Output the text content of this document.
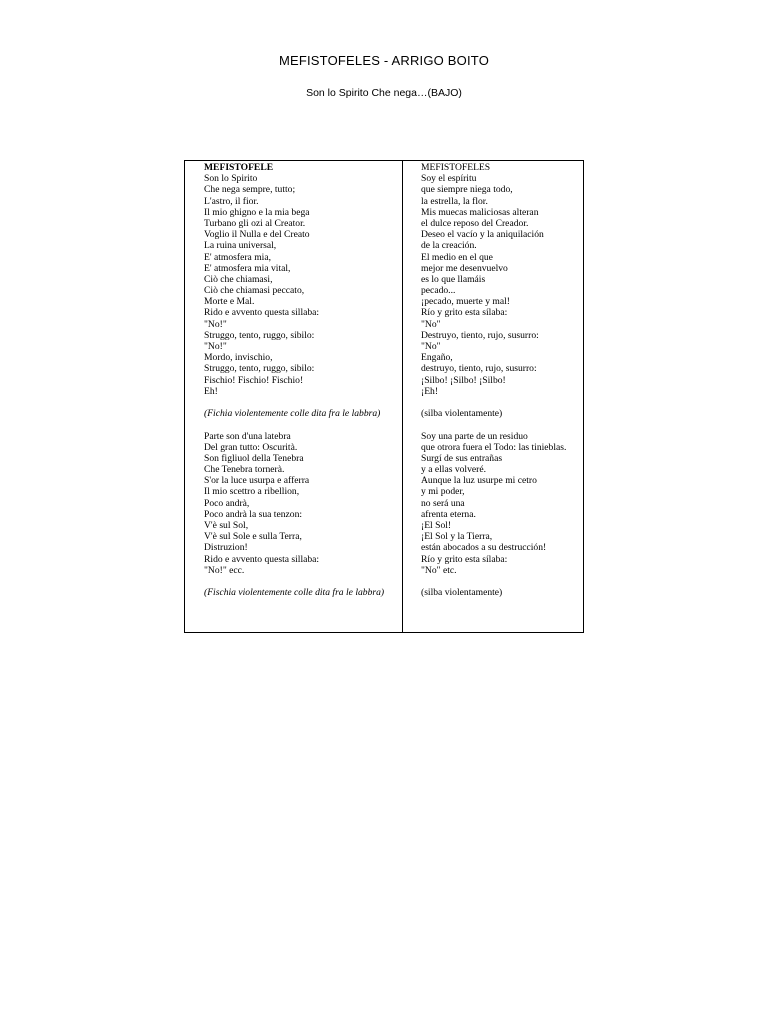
MEFISTOFELES - ARRIGO BOITO
Son lo Spirito Che nega…(BAJO)
MEFISTOFELE
Son lo Spirito
Che nega sempre, tutto;
L'astro, il fior.
Il mio ghigno e la mia bega
Turbano gli ozi al Creator.
Voglio il Nulla e del Creato
La ruina universal,
E' atmosfera mia,
E' atmosfera mia vital,
Ciò che chiamasi,
Ciò che chiamasi peccato,
Morte e Mal.
Rido e avvento questa sillaba:
"No!"
Struggo, tento, ruggo, sibilo:
"No!"
Mordo, invischio,
Struggo, tento, ruggo, sibilo:
Fischio! Fischio! Fischio!
Eh!
(Fichia violentemente colle dita fra le labbra)
Parte son d'una latebra
Del gran tutto: Oscurità.
Son figliuol della Tenebra
Che Tenebra tornerà.
S'or la luce usurpa e afferra
Il mio scettro a ribellion,
Poco andrà,
Poco andrà la sua tenzon:
V'è sul Sol,
V'è sul Sole e sulla Terra,
Distruzion!
Rido e avvento questa sillaba:
"No!" ecc.
(Fischia violentemente colle dita fra le labbra)
MEFISTOFELES
Soy el espíritu
que siempre niega todo,
la estrella, la flor.
Mis muecas maliciosas alteran
el dulce reposo del Creador.
Deseo el vacío y la aniquilación
de la creación.
El medio en el que
mejor me desenvuelvo
es lo que llamáis
pecado...
¡pecado, muerte y mal!
Río y grito esta sílaba:
"No"
Destruyo, tiento, rujo, susurro:
"No"
Engaño,
destruyo, tiento, rujo, susurro:
¡Silbo! ¡Silbo! ¡Silbo!
¡Eh!
(silba violentamente)
Soy una parte de un residuo
que otrora fuera el Todo: las tinieblas.
Surgí de sus entrañas
y a ellas volveré.
Aunque la luz usurpe mi cetro
y mi poder,
no será una
afrenta eterna.
¡El Sol!
¡El Sol y la Tierra,
están abocados a su destrucción!
Río y grito esta sílaba:
"No" etc.
(silba violentamente)
